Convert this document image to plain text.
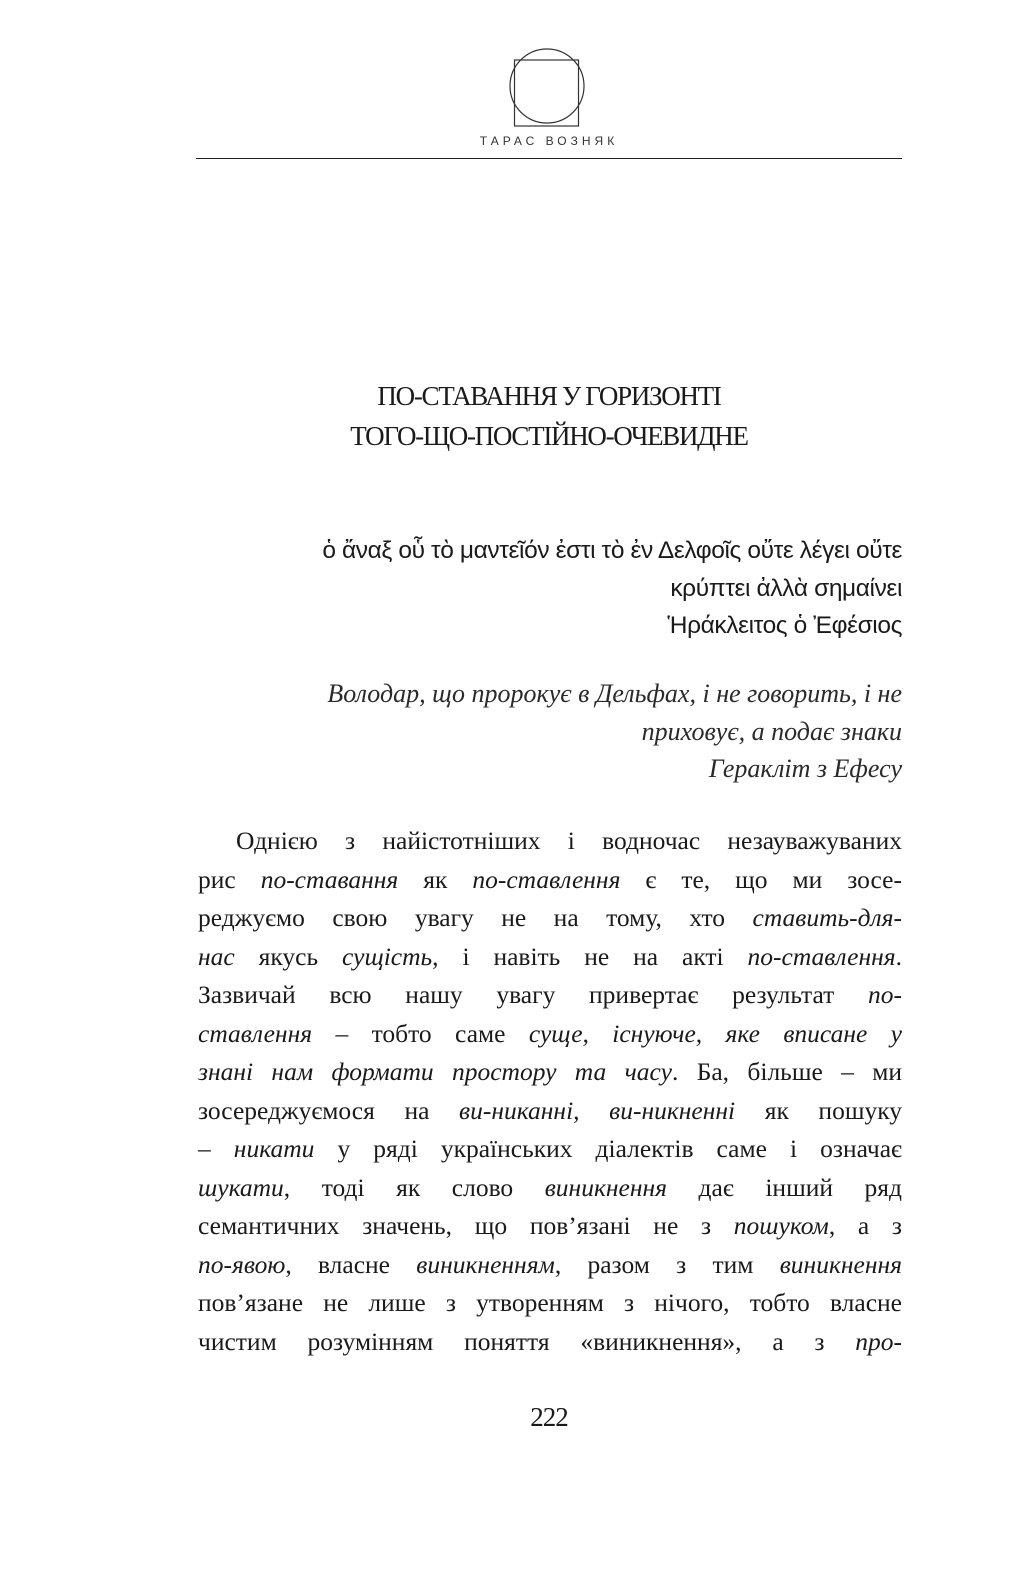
ТАРАС ВОЗНЯК
ПО-СТАВАННЯ У ГОРИЗОНТІ
ТОГО-ЩО-ПОСТІЙНО-ОЧЕВИДНЕ
ὁ ἄναξ οὗ τὸ μαντεῖόν ἐστι τὸ ἐν Δελφοῖς οὔτε λέγει οὔτε
κρύπτει ἀλλὰ σημαίνει
Ἡράκλειτος ὁ Ἐφέσιος
Володар, що пророкує в Дельфах, і не говорить, і не
приховує, а подає знаки
Геракліт з Ефесу
Однією з найістотніших і водночас незауважуваних
рис по-ставання як по-ставлення є те, що ми зосе-
реджуємо свою увагу не на тому, хто ставить-для-
нас якусь сущість, і навіть не на акті по-ставлення.
Зазвичай всю нашу увагу привертає результат по-
ставлення – тобто саме суще, існуюче, яке вписане у
знані нам формати простору та часу. Ба, більше – ми
зосереджуємося на ви-никанні, ви-никненні як пошуку
– никати у ряді українських діалектів саме і означає
шукати, тоді як слово виникнення дає інший ряд
семантичних значень, що пов’язані не з пошуком, а з
по-явою, власне виникненням, разом з тим виникнення
пов’язане не лише з утворенням з нічого, тобто власне
чистим розумінням поняття «виникнення», а з про-
222
